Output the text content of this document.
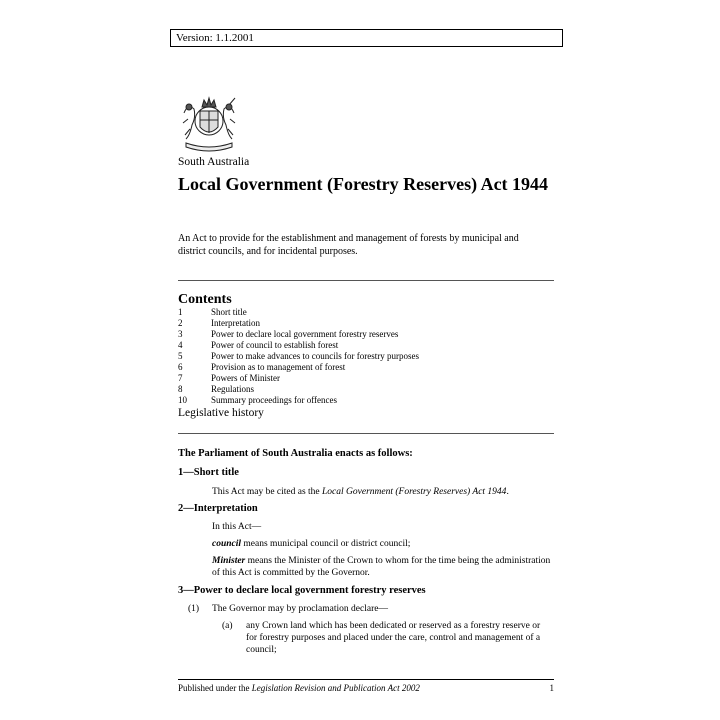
Version: 1.1.2001
South Australia
Local Government (Forestry Reserves) Act 1944
An Act to provide for the establishment and management of forests by municipal and district councils, and for incidental purposes.
Contents
1	Short title
2	Interpretation
3	Power to declare local government forestry reserves
4	Power of council to establish forest
5	Power to make advances to councils for forestry purposes
6	Provision as to management of forest
7	Powers of Minister
8	Regulations
10	Summary proceedings for offences
Legislative history
The Parliament of South Australia enacts as follows:
1—Short title
This Act may be cited as the Local Government (Forestry Reserves) Act 1944.
2—Interpretation
In this Act—
council means municipal council or district council;
Minister means the Minister of the Crown to whom for the time being the administration of this Act is committed by the Governor.
3—Power to declare local government forestry reserves
(1) The Governor may by proclamation declare—
(a) any Crown land which has been dedicated or reserved as a forestry reserve or for forestry purposes and placed under the care, control and management of a council;
Published under the Legislation Revision and Publication Act 2002	1
